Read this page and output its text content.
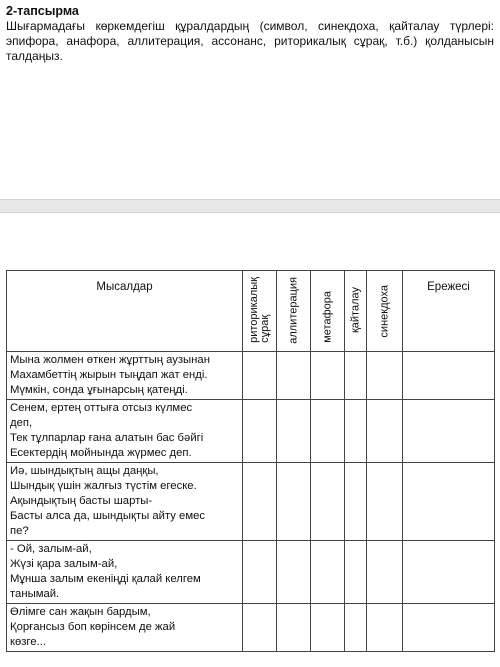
2-тапсырма
Шығармадағы көркемдегіш құралдардың (символ, синекдоха, қайталау түрлері: эпифора, анафора, аллитерация, ассонанс, риторикалық сұрақ, т.б.) қолданысын талдаңыз.
Мысалдар	риторикалық
сұрақ	аллитерация	метафора	қайталау	синекдоха	Ережесі

Мына жолмен өткен жұрттың аузынан
Махамбеттің жырын тыңдап жат енді.
Мүмкін, сонда ұғынарсың қатеңді.						

Сенем, ертең оттыға отсыз күлмес
деп,
Тек тұлпарлар ғана алатын бас бәйгі
Есектердің мойнында жүрмес деп.						

Иә, шындықтың ащы даңқы,
Шындық үшін жалғыз түстім егеске.
Ақындықтың басты шарты-
Басты алса да, шындықты айту емес
пе?						

- Ой, залым-ай,
Жүзі қара залым-ай,
Мұнша залым екеніңді қалай келгем
танымай.						

Өлімге сан жақын бардым,
Қорғансыз боп көрінсем де жай
көзге...						
